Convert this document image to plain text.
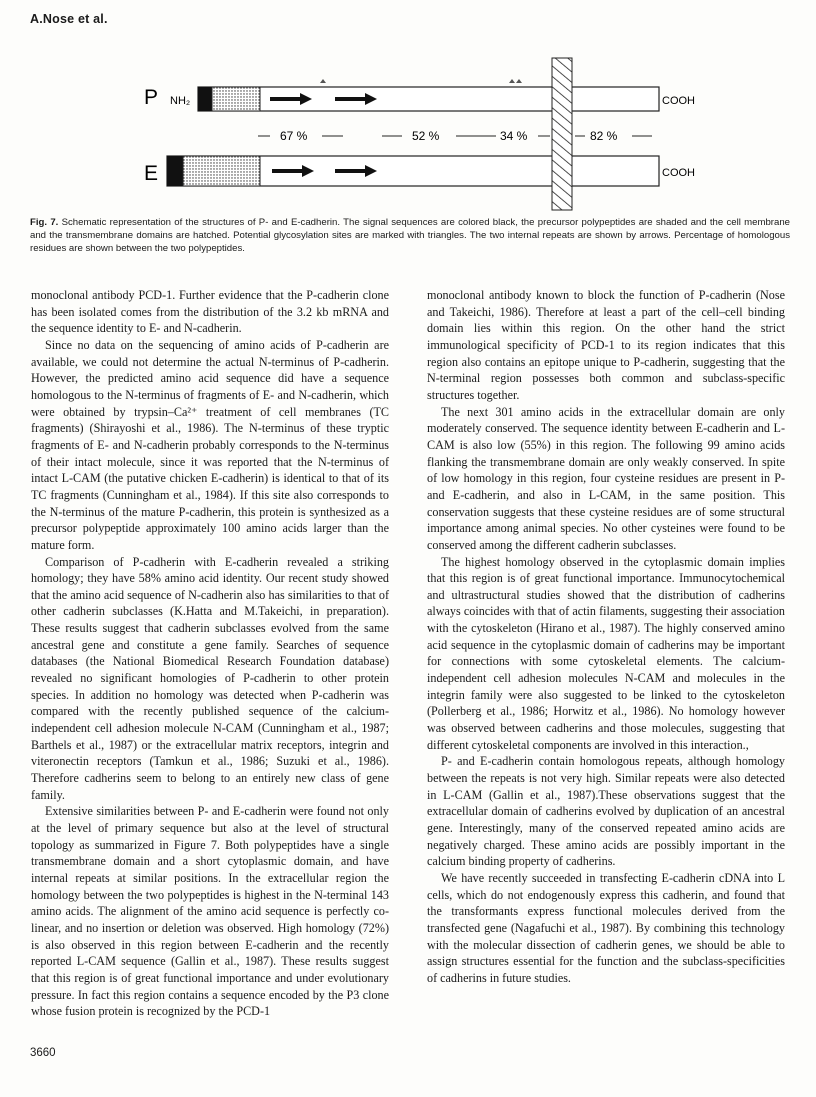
A.Nose et al.
P NH₂	COOH
E	COOH
67 %	52 %	34 %	82 %
Fig. 7. Schematic representation of the structures of P- and E-cadherin. The signal sequences are colored black, the precursor polypeptides are shaded and the cell membrane and the transmembrane domains are hatched. Potential glycosylation sites are marked with triangles. The two internal repeats are shown by arrows. Percentage of homologous residues are shown between the two polypeptides.

monoclonal antibody PCD-1. Further evidence that the P-cadherin clone has been isolated comes from the distribution of the 3.2 kb mRNA and the sequence identity to E- and N-cadherin.

Since no data on the sequencing of amino acids of P-cadherin are available, we could not determine the actual N-terminus of P-cadherin. However, the predicted amino acid sequence did have a sequence homologous to the N-terminus of fragments of E- and N-cadherin, which were obtained by trypsin–Ca²⁺ treatment of cell membranes (TC fragments) (Shirayoshi et al., 1986). The N-terminus of these tryptic fragments of E- and N-cadherin probably corresponds to the N-terminus of their intact molecule, since it was reported that the N-terminus of intact L-CAM (the putative chicken E-cadherin) is identical to that of its TC fragments (Cunningham et al., 1984). If this site also corresponds to the N-terminus of the mature P-cadherin, this protein is synthesized as a precursor polypeptide approximately 100 amino acids larger than the mature form.

Comparison of P-cadherin with E-cadherin revealed a striking homology; they have 58% amino acid identity. Our recent study showed that the amino acid sequence of N-cadherin also has similarities to that of other cadherin subclasses (K.Hatta and M.Takeichi, in preparation). These results suggest that cadherin subclasses evolved from the same ancestral gene and constitute a gene family. Searches of sequence databases (the National Biomedical Research Foundation database) revealed no significant homologies of P-cadherin to other protein species. In addition no homology was detected when P-cadherin was compared with the recently published sequence of the calcium-independent cell adhesion molecule N-CAM (Cunningham et al., 1987; Barthels et al., 1987) or the extracellular matrix receptors, integrin and viteronectin receptors (Tamkun et al., 1986; Suzuki et al., 1986). Therefore cadherins seem to belong to an entirely new class of gene family.

Extensive similarities between P- and E-cadherin were found not only at the level of primary sequence but also at the level of structural topology as summarized in Figure 7. Both polypeptides have a single transmembrane domain and a short cytoplasmic domain, and have internal repeats at similar positions. In the extracellular region the homology between the two polypeptides is highest in the N-terminal 143 amino acids. The alignment of the amino acid sequence is perfectly co-linear, and no insertion or deletion was observed. High homology (72%) is also observed in this region between E-cadherin and the recently reported L-CAM sequence (Gallin et al., 1987). These results suggest that this region is of great functional importance and under evolutionary pressure. In fact this region contains a sequence encoded by the P3 clone whose fusion protein is recognized by the PCD-1

monoclonal antibody known to block the function of P-cadherin (Nose and Takeichi, 1986). Therefore at least a part of the cell–cell binding domain lies within this region. On the other hand the strict immunological specificity of PCD-1 to its region indicates that this region also contains an epitope unique to P-cadherin, suggesting that the N-terminal region possesses both common and subclass-specific structures together.

The next 301 amino acids in the extracellular domain are only moderately conserved. The sequence identity between E-cadherin and L-CAM is also low (55%) in this region. The following 99 amino acids flanking the transmembrane domain are only weakly conserved. In spite of low homology in this region, four cysteine residues are present in P- and E-cadherin, and also in L-CAM, in the same position. This conservation suggests that these cysteine residues are of some structural importance among animal species. No other cysteines were found to be conserved among the different cadherin subclasses.

The highest homology observed in the cytoplasmic domain implies that this region is of great functional importance. Immunocytochemical and ultrastructural studies showed that the distribution of cadherins always coincides with that of actin filaments, suggesting their association with the cytoskeleton (Hirano et al., 1987). The highly conserved amino acid sequence in the cytoplasmic domain of cadherins may be important for connections with some cytoskeletal elements. The calcium-independent cell adhesion molecules N-CAM and molecules in the integrin family were also suggested to be linked to the cytoskeleton (Pollerberg et al., 1986; Horwitz et al., 1986). No homology however was observed between cadherins and those molecules, suggesting that different cytoskeletal components are involved in this interaction.,

P- and E-cadherin contain homologous repeats, although homology between the repeats is not very high. Similar repeats were also detected in L-CAM (Gallin et al., 1987).These observations suggest that the extracellular domain of cadherins evolved by duplication of an ancestral gene. Interestingly, many of the conserved repeated amino acids are negatively charged. These amino acids are possibly important in the calcium binding property of cadherins.

We have recently succeeded in transfecting E-cadherin cDNA into L cells, which do not endogenously express this cadherin, and found that the transformants express functional molecules derived from the transfected gene (Nagafuchi et al., 1987). By combining this technology with the molecular dissection of cadherin genes, we should be able to assign structures essential for the function and the subclass-specificities of cadherins in future studies.

3660
